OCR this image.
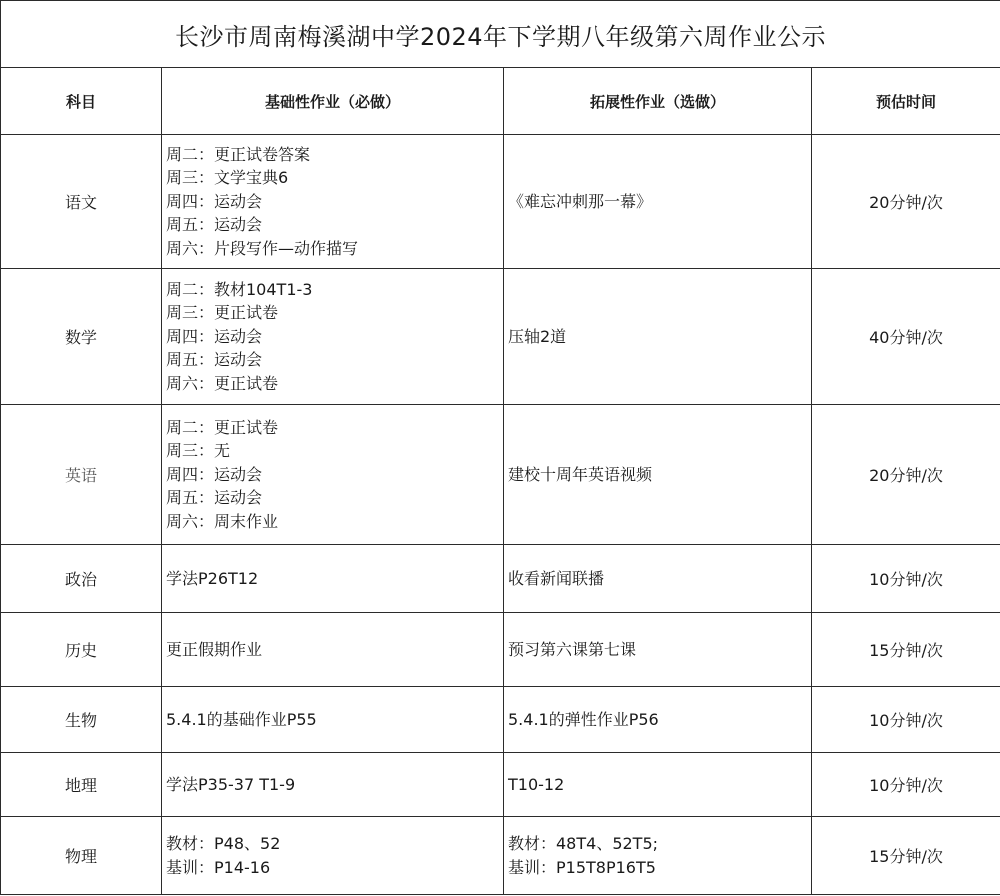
长沙市周南梅溪湖中学2024年下学期八年级第六周作业公示			
科目	基础性作业（必做）	拓展性作业（选做）	预估时间
语文	周二：更正试卷答案
周三：文学宝典6
周四：运动会
周五：运动会
周六：片段写作—动作描写	《难忘冲刺那一幕》	20分钟/次
数学	周二：教材104T1-3
周三：更正试卷
周四：运动会
周五：运动会
周六：更正试卷	压轴2道	40分钟/次
英语	周二：更正试卷
周三：无
周四：运动会
周五：运动会
周六：周末作业	建校十周年英语视频	20分钟/次
政治	学法P26T12	收看新闻联播	10分钟/次
历史	更正假期作业	预习第六课第七课	15分钟/次
生物	5.4.1的基础作业P55	5.4.1的弹性作业P56	10分钟/次
地理	学法P35-37 T1-9	T10-12	10分钟/次
物理	教材：P48、52
基训：P14-16	教材：48T4、52T5;
基训：P15T8P16T5	15分钟/次
